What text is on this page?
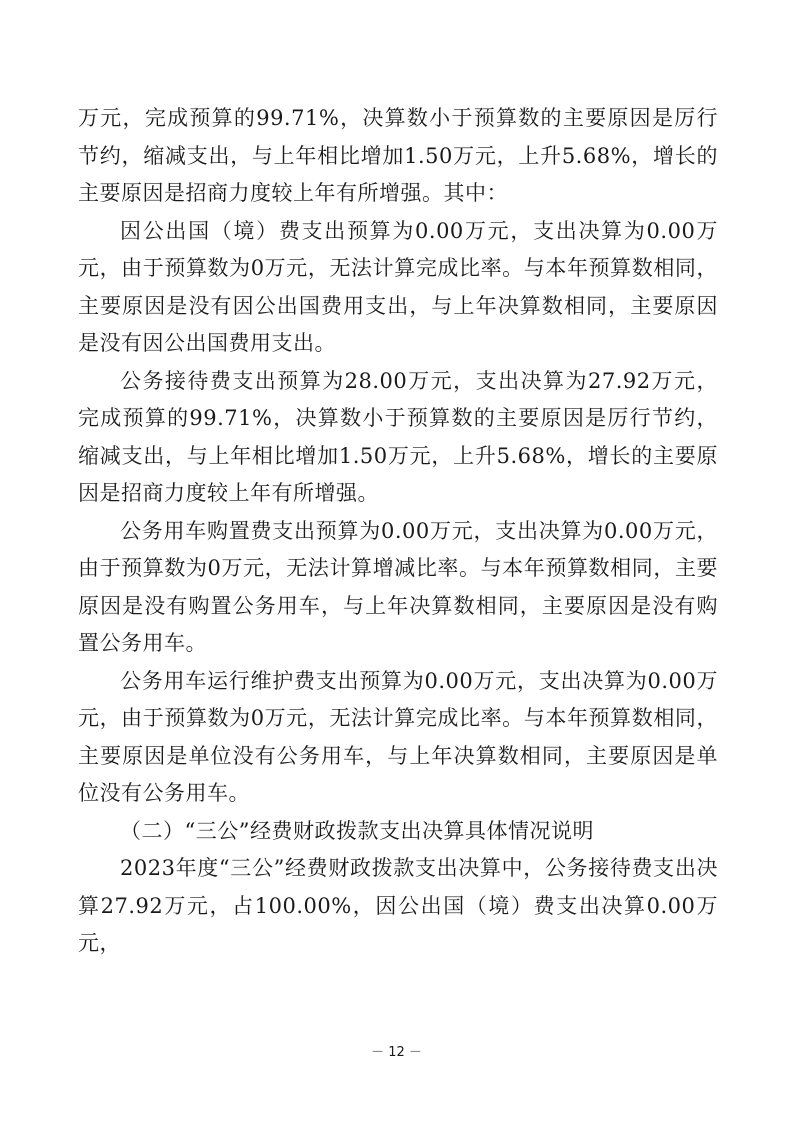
万元，完成预算的99.71%，决算数小于预算数的主要原因是厉行节约，缩减支出，与上年相比增加1.50万元，上升5.68%，增长的主要原因是招商力度较上年有所增强。其中：

因公出国（境）费支出预算为0.00万元，支出决算为0.00万元，由于预算数为0万元，无法计算完成比率。与本年预算数相同，主要原因是没有因公出国费用支出，与上年决算数相同，主要原因是没有因公出国费用支出。

公务接待费支出预算为28.00万元，支出决算为27.92万元，完成预算的99.71%，决算数小于预算数的主要原因是厉行节约，缩减支出，与上年相比增加1.50万元，上升5.68%，增长的主要原因是招商力度较上年有所增强。

公务用车购置费支出预算为0.00万元，支出决算为0.00万元，由于预算数为0万元，无法计算增减比率。与本年预算数相同，主要原因是没有购置公务用车，与上年决算数相同，主要原因是没有购置公务用车。

公务用车运行维护费支出预算为0.00万元，支出决算为0.00万元，由于预算数为0万元，无法计算完成比率。与本年预算数相同，主要原因是单位没有公务用车，与上年决算数相同，主要原因是单位没有公务用车。

（二）“三公”经费财政拨款支出决算具体情况说明

2023年度“三公”经费财政拨款支出决算中，公务接待费支出决算27.92万元，占100.00%，因公出国（境）费支出决算0.00万元，

－ 12 －
